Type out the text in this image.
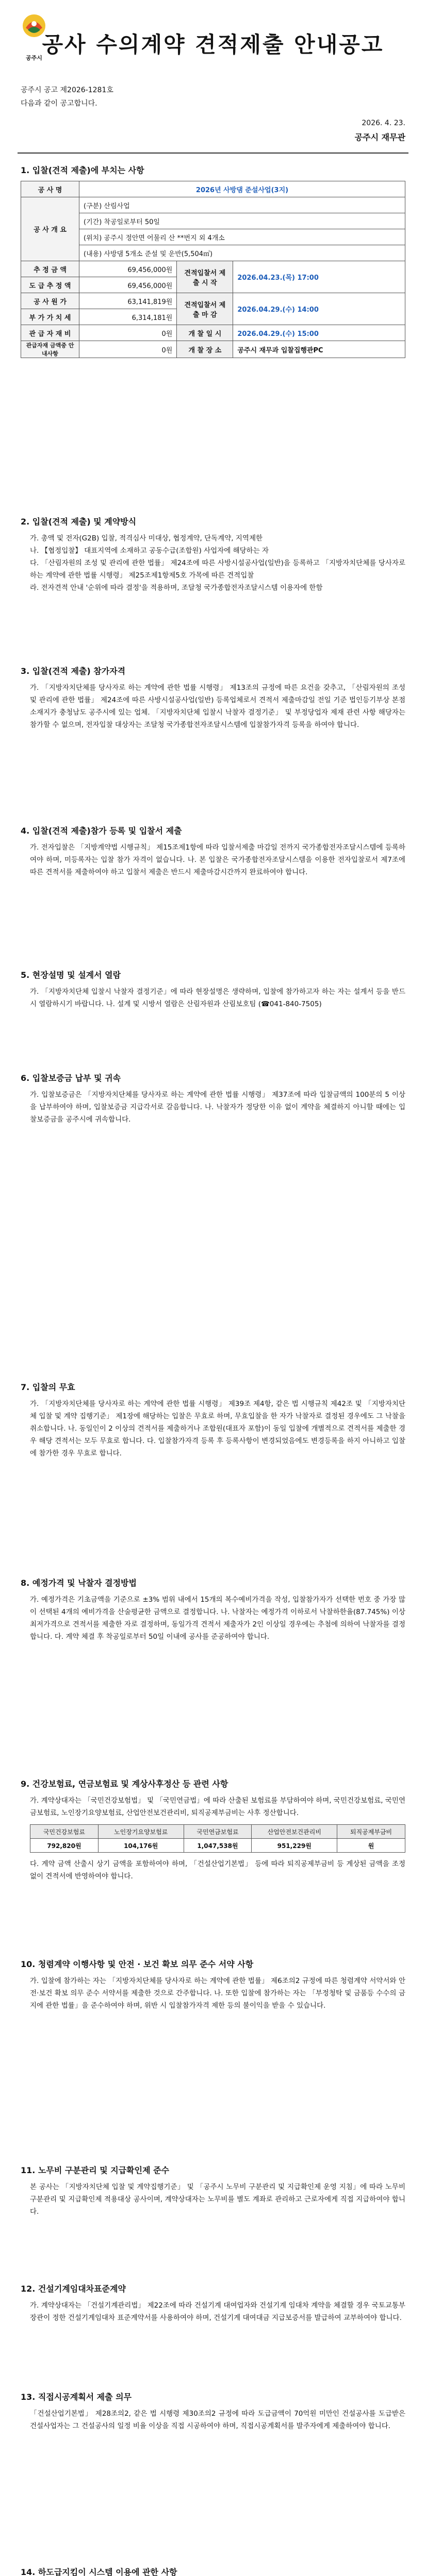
공주시
공사 수의계약 견적제출 안내공고
공주시 공고 제2026-1281호
다음과 같이 공고합니다.
2026. 4. 23.
공주시 재무관
1. 입찰(견적 제출)에 부치는 사항
공 사 명	2026년 사방댐 준설사업(3지)		
공 사 개 요	(구분) 산림사업		
	(기간) 착공일로부터 50일		
	(위치) 공주시 정안면 어물리 산 **번지 외 4개소		
	(내용) 사방댐 5개소 준설 및 운반(5,504㎥)		
추 정 금 액	69,456,000원	견적입찰서 제 출 시 작	2026.04.23.(목) 17:00
도 급 추 정 액	69,456,000원		
공 사 원 가	63,141,819원	견적입찰서 제 출 마 감	2026.04.29.(수) 14:00
부 가 가 치 세	6,314,181원		
관 급 자 재 비	0원	개 찰 일 시	2026.04.29.(수) 15:00
관급자재 금액중 안내사항	0원	개 찰 장 소	공주시 재무과 입찰집행관PC
2. 입찰(견적 제출) 및 계약방식
가. 총액 및 전자(G2B) 입찰, 적격심사 미대상, 협정계약, 단독계약, 지역제한
나. 【협정입찰】 대표지역에 소재하고 공동수급(조합원) 사업자에 해당하는 자
다. 「산림자원의 조성 및 관리에 관한 법률」 제24조에 따른 사방시설공사업(일반)을 등록하고 「지방자치단체를 당사자로 하는 계약에 관한 법률 시행령」 제25조제1항제5호 가목에 따른 견적입찰
라. 전자견적 안내 '순위에 따라 결정'을 적용하며, 조달청 국가종합전자조달시스템 이용자에 한함
3. 입찰(견적 제출) 참가자격
가. 「지방자치단체를 당사자로 하는 계약에 관한 법률 시행령」 제13조의 규정에 따른 요건을 갖추고, 「산림자원의 조성 및 관리에 관한 법률」 제24조에 따른 사방시설공사업(일반) 등록업체로서 견적서 제출마감일 전일 기준 법인등기부상 본점 소재지가 충청남도 공주시에 있는 업체. 「지방자치단체 입찰시 낙찰자 결정기준」 및 부정당업자 제재 관련 사항 해당자는 참가할 수 없으며, 전자입찰 대상자는 조달청 국가종합전자조달시스템에 입찰참가자격 등록을 하여야 합니다.
4. 입찰(견적 제출)참가 등록 및 입찰서 제출
가. 전자입찰은 「지방계약법 시행규칙」 제15조제1항에 따라 입찰서제출 마감일 전까지 국가종합전자조달시스템에 등록하여야 하며, 미등록자는 입찰 참가 자격이 없습니다. 나. 본 입찰은 국가종합전자조달시스템을 이용한 전자입찰로서 제7조에 따른 견적서를 제출하여야 하고 입찰서 제출은 반드시 제출마감시간까지 완료하여야 합니다.
5. 현장설명 및 설계서 열람
가. 「지방자치단체 입찰시 낙찰자 결정기준」에 따라 현장설명은 생략하며, 입찰에 참가하고자 하는 자는 설계서 등을 반드시 열람하시기 바랍니다. 나. 설계 및 시방서 열람은 산림자원과 산림보호팀 (☎041-840-7505)
6. 입찰보증금 납부 및 귀속
가. 입찰보증금은 「지방자치단체를 당사자로 하는 계약에 관한 법률 시행령」 제37조에 따라 입찰금액의 100분의 5 이상을 납부하여야 하며, 입찰보증금 지급각서로 갈음합니다. 나. 낙찰자가 정당한 이유 없이 계약을 체결하지 아니할 때에는 입찰보증금을 공주시에 귀속합니다.
7. 입찰의 무효
가. 「지방자치단체를 당사자로 하는 계약에 관한 법률 시행령」 제39조 제4항, 같은 법 시행규칙 제42조 및 「지방자치단체 입찰 및 계약 집행기준」 제1장에 해당하는 입찰은 무효로 하며, 무효입찰을 한 자가 낙찰자로 결정된 경우에도 그 낙찰을 취소합니다. 나. 동일인이 2 이상의 견적서를 제출하거나 조합원(대표자 포함)이 동일 입찰에 개별적으로 견적서를 제출한 경우 해당 견적서는 모두 무효로 합니다. 다. 입찰참가자격 등록 후 등록사항이 변경되었음에도 변경등록을 하지 아니하고 입찰에 참가한 경우 무효로 합니다.
8. 예정가격 및 낙찰자 결정방법
가. 예정가격은 기초금액을 기준으로 ±3% 범위 내에서 15개의 복수예비가격을 작성, 입찰참가자가 선택한 번호 중 가장 많이 선택된 4개의 예비가격을 산술평균한 금액으로 결정합니다. 나. 낙찰자는 예정가격 이하로서 낙찰하한율(87.745%) 이상 최저가격으로 견적서를 제출한 자로 결정하며, 동일가격 견적서 제출자가 2인 이상일 경우에는 추첨에 의하여 낙찰자를 결정합니다. 다. 계약 체결 후 착공일로부터 50일 이내에 공사를 준공하여야 합니다.
9. 건강보험료, 연금보험료 및 계상사후정산 등 관련 사항
가. 계약상대자는 「국민건강보험법」 및 「국민연금법」에 따라 산출된 보험료를 부담하여야 하며, 국민건강보험료, 국민연금보험료, 노인장기요양보험료, 산업안전보건관리비, 퇴직공제부금비는 사후 정산합니다.
국민건강보험료	노인장기요양보험료	국민연금보험료	산업안전보건관리비	퇴직공제부금비
792,820원	104,176원	1,047,538원	951,229원	원
다. 계약 금액 산출시 상기 금액을 포함하여야 하며, 「건설산업기본법」 등에 따라 퇴직공제부금비 등 계상된 금액을 조정 없이 견적서에 반영하여야 합니다.
10. 청렴계약 이행사항 및 안전 · 보건 확보 의무 준수 서약 사항
가. 입찰에 참가하는 자는 「지방자치단체를 당사자로 하는 계약에 관한 법률」 제6조의2 규정에 따른 청렴계약 서약서와 안전·보건 확보 의무 준수 서약서를 제출한 것으로 간주합니다. 나. 또한 입찰에 참가하는 자는 「부정청탁 및 금품등 수수의 금지에 관한 법률」을 준수하여야 하며, 위반 시 입찰참가자격 제한 등의 불이익을 받을 수 있습니다.
11. 노무비 구분관리 및 지급확인제 준수
본 공사는 「지방자치단체 입찰 및 계약집행기준」 및 「공주시 노무비 구분관리 및 지급확인제 운영 지침」에 따라 노무비 구분관리 및 지급확인제 적용대상 공사이며, 계약상대자는 노무비를 별도 계좌로 관리하고 근로자에게 직접 지급하여야 합니다.
12. 건설기계임대차표준계약
가. 계약상대자는 「건설기계관리법」 제22조에 따라 건설기계 대여업자와 건설기계 임대차 계약을 체결할 경우 국토교통부장관이 정한 건설기계임대차 표준계약서를 사용하여야 하며, 건설기계 대여대금 지급보증서를 발급하여 교부하여야 합니다.
13. 직접시공계획서 제출 의무
「건설산업기본법」 제28조의2, 같은 법 시행령 제30조의2 규정에 따라 도급금액이 70억원 미만인 건설공사를 도급받은 건설사업자는 그 건설공사의 일정 비율 이상을 직접 시공하여야 하며, 직접시공계획서를 발주자에게 제출하여야 합니다.
14. 하도급지킴이 시스템 이용에 관한 사항
